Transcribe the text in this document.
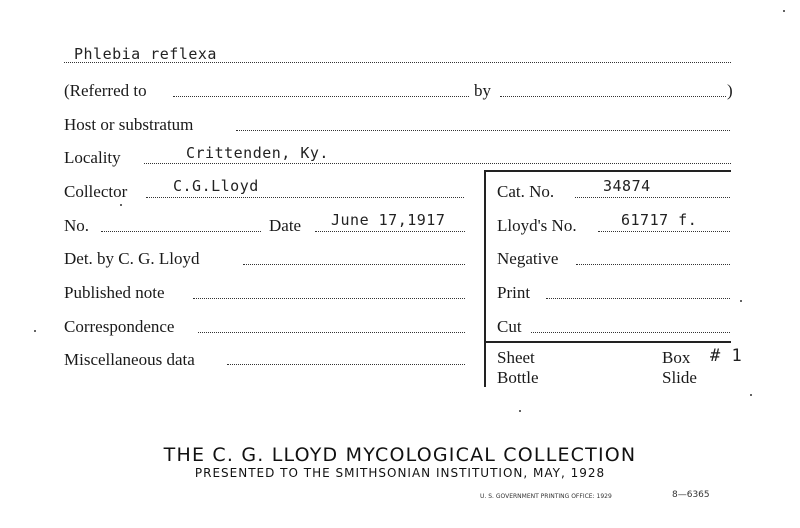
Phlebia reflexa
(Referred to	by	)
Host or substratum
Locality	Crittenden, Ky.
Collector	C.G.Lloyd	Cat. No.	34874
No.	Date June 17,1917	Lloyd's No.	61717 f.
Det. by C. G. Lloyd	Negative
Published note	Print
Correspondence	Cut
Miscellaneous data	Sheet	Box # 1
Bottle	Slide
THE C. G. LLOYD MYCOLOGICAL COLLECTION
PRESENTED TO THE SMITHSONIAN INSTITUTION, MAY, 1928
U. S. GOVERNMENT PRINTING OFFICE: 1929	8—6365
